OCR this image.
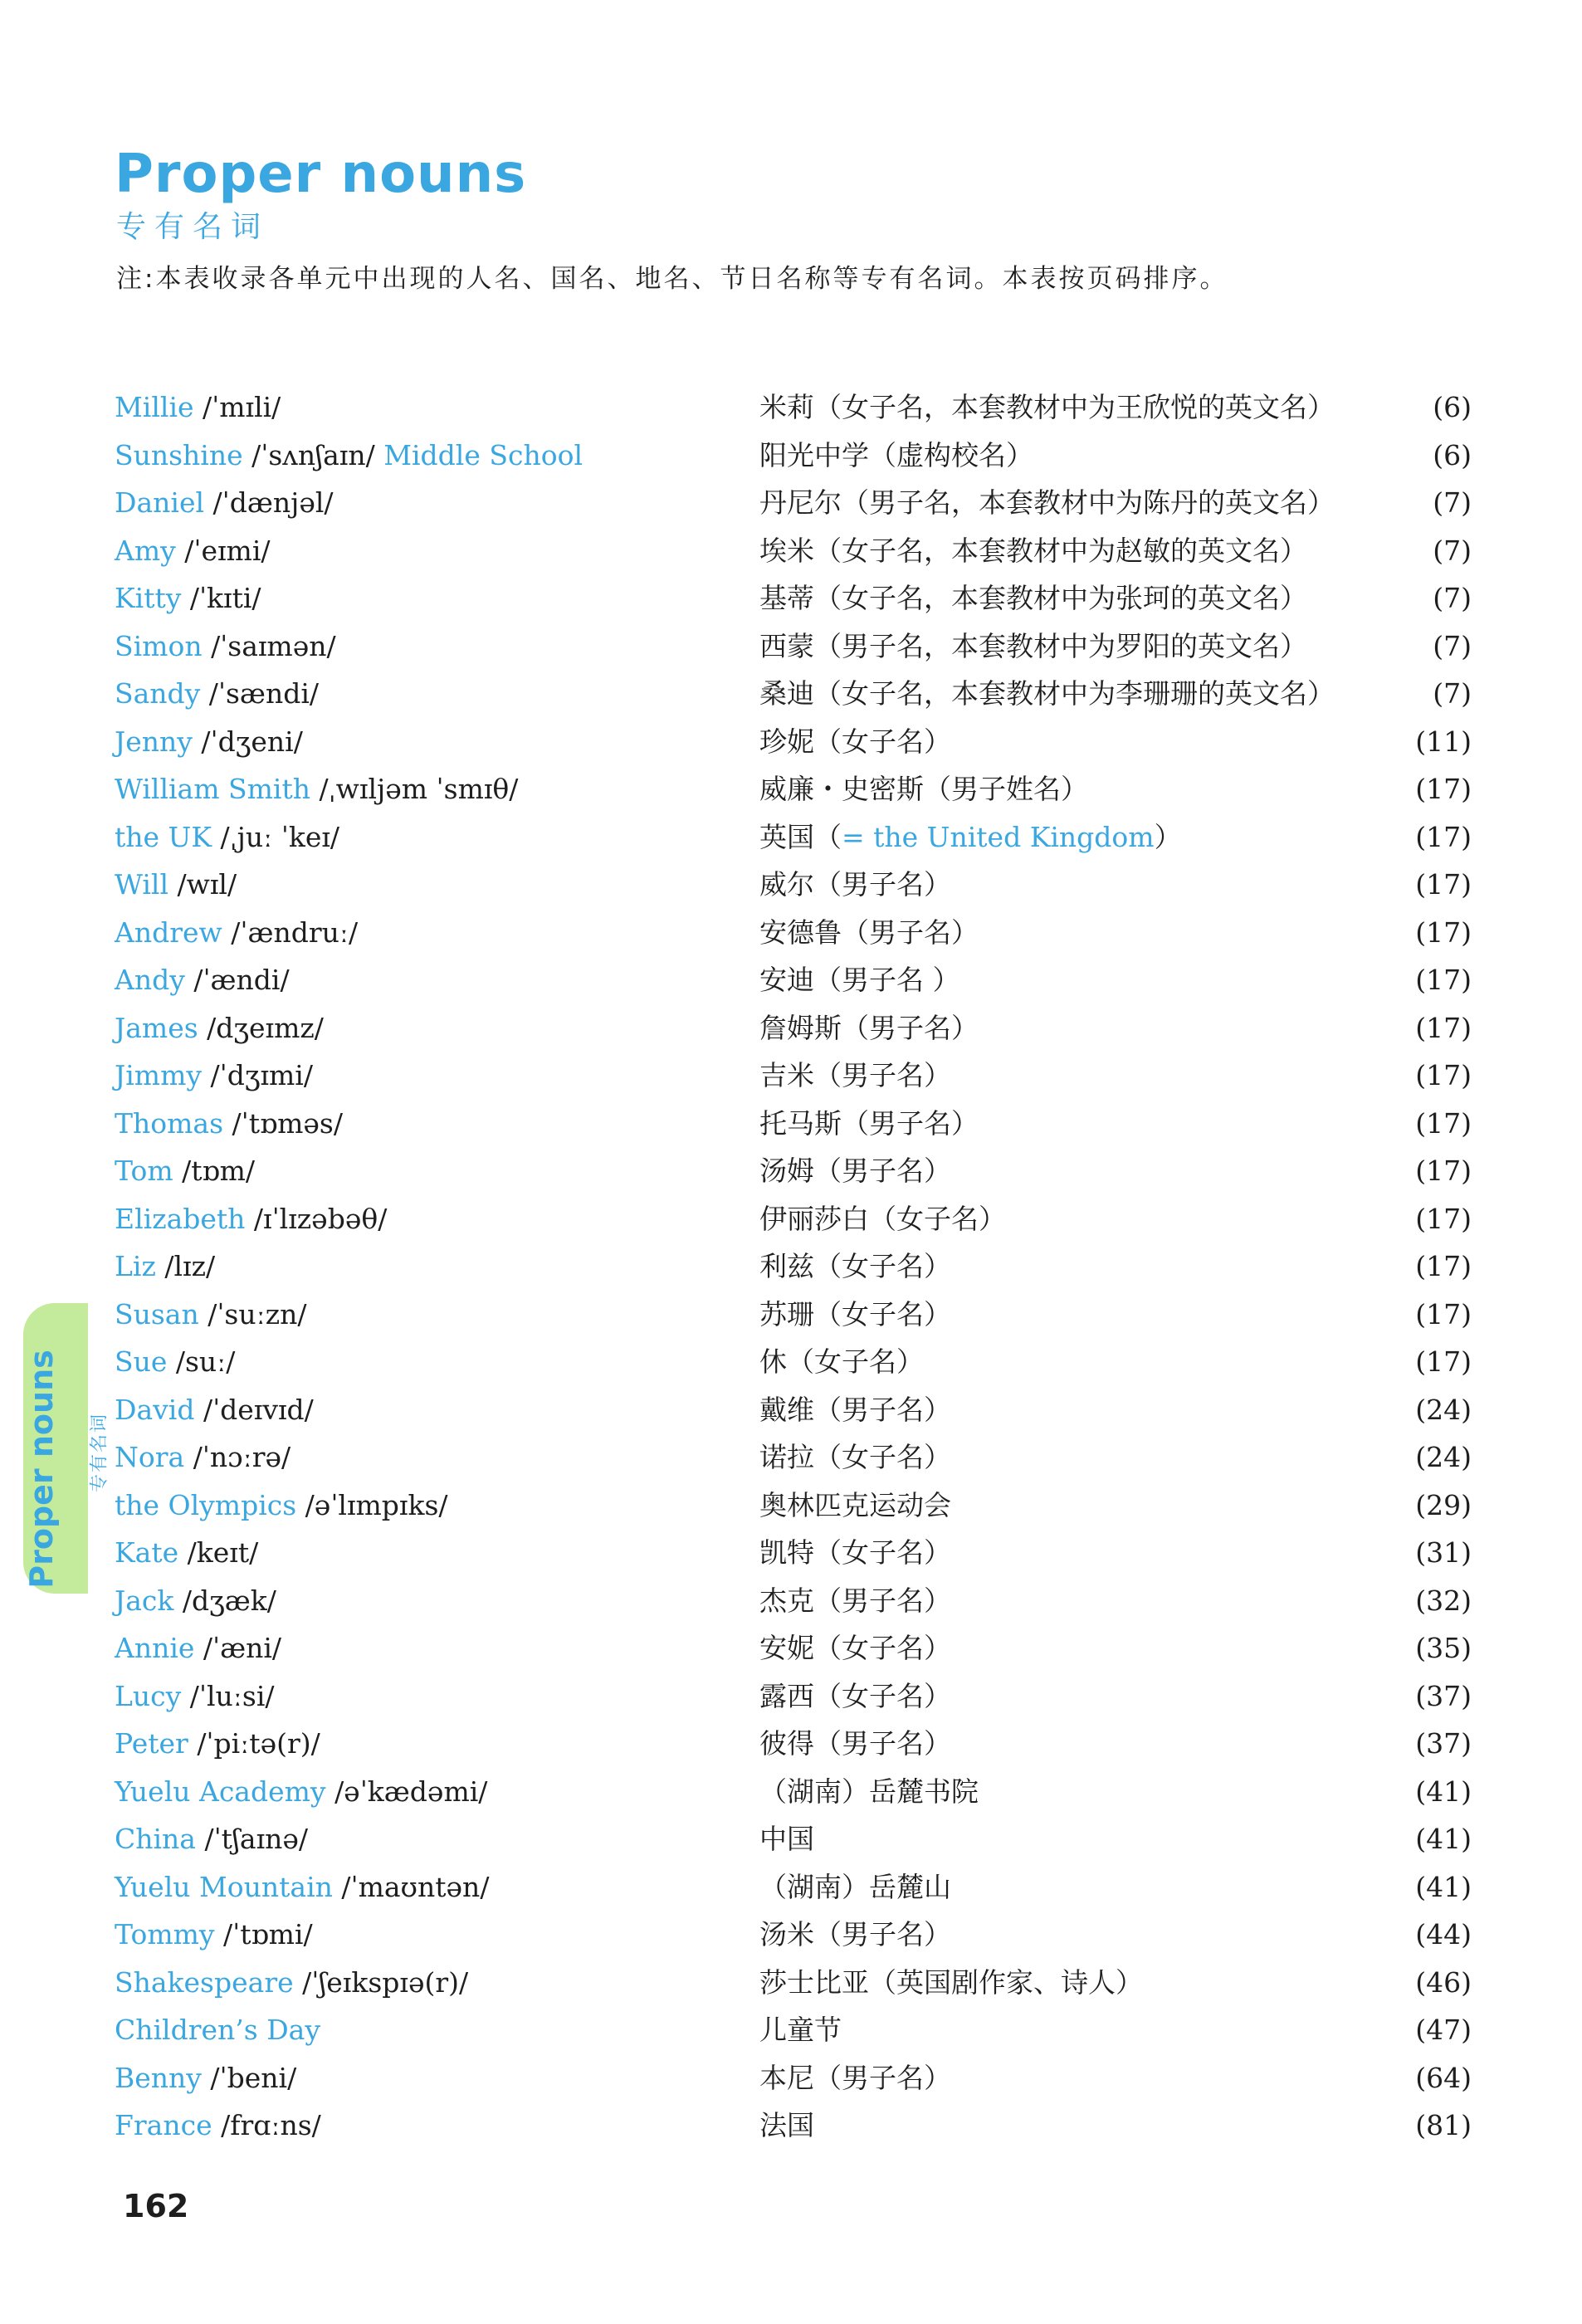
Proper nouns
专有名词
注:本表收录各单元中出现的人名、国名、地名、节日名称等专有名词。本表按页码排序。
Millie /ˈmɪli/	米莉（女子名，本套教材中为王欣悦的英文名）	(6)
Sunshine /ˈsʌnʃaɪn/ Middle School	阳光中学（虚构校名）	(6)
Daniel /ˈdænjəl/	丹尼尔（男子名，本套教材中为陈丹的英文名）	(7)
Amy /ˈeɪmi/	埃米（女子名，本套教材中为赵敏的英文名）	(7)
Kitty /ˈkɪti/	基蒂（女子名，本套教材中为张珂的英文名）	(7)
Simon /ˈsaɪmən/	西蒙（男子名，本套教材中为罗阳的英文名）	(7)
Sandy /ˈsændi/	桑迪（女子名，本套教材中为李珊珊的英文名）	(7)
Jenny /ˈdʒeni/	珍妮（女子名）	(11)
William Smith /ˌwɪljəm ˈsmɪθ/	威廉・史密斯（男子姓名）	(17)
the UK /ˌjuː ˈkeɪ/	英国（= the United Kingdom）	(17)
Will /wɪl/	威尔（男子名）	(17)
Andrew /ˈændruː/	安德鲁（男子名）	(17)
Andy /ˈændi/	安迪（男子名 ）	(17)
James /dʒeɪmz/	詹姆斯（男子名）	(17)
Jimmy /ˈdʒɪmi/	吉米（男子名）	(17)
Thomas /ˈtɒməs/	托马斯（男子名）	(17)
Tom /tɒm/	汤姆（男子名）	(17)
Elizabeth /ɪˈlɪzəbəθ/	伊丽莎白（女子名）	(17)
Liz /lɪz/	利兹（女子名）	(17)
Susan /ˈsuːzn/	苏珊（女子名）	(17)
Sue /suː/	休（女子名）	(17)
David /ˈdeɪvɪd/	戴维（男子名）	(24)
Nora /ˈnɔːrə/	诺拉（女子名）	(24)
the Olympics /əˈlɪmpɪks/	奥林匹克运动会	(29)
Kate /keɪt/	凯特（女子名）	(31)
Jack /dʒæk/	杰克（男子名）	(32)
Annie /ˈæni/	安妮（女子名）	(35)
Lucy /ˈluːsi/	露西（女子名）	(37)
Peter /ˈpiːtə(r)/	彼得（男子名）	(37)
Yuelu Academy /əˈkædəmi/	（湖南）岳麓书院	(41)
China /ˈtʃaɪnə/	中国	(41)
Yuelu Mountain /ˈmaʊntən/	（湖南）岳麓山	(41)
Tommy /ˈtɒmi/	汤米（男子名）	(44)
Shakespeare /ˈʃeɪkspɪə(r)/	莎士比亚（英国剧作家、诗人）	(46)
Children’s Day	儿童节	(47)
Benny /ˈbeni/	本尼（男子名）	(64)
France /frɑːns/	法国	(81)
Proper nouns 专有名词
162
